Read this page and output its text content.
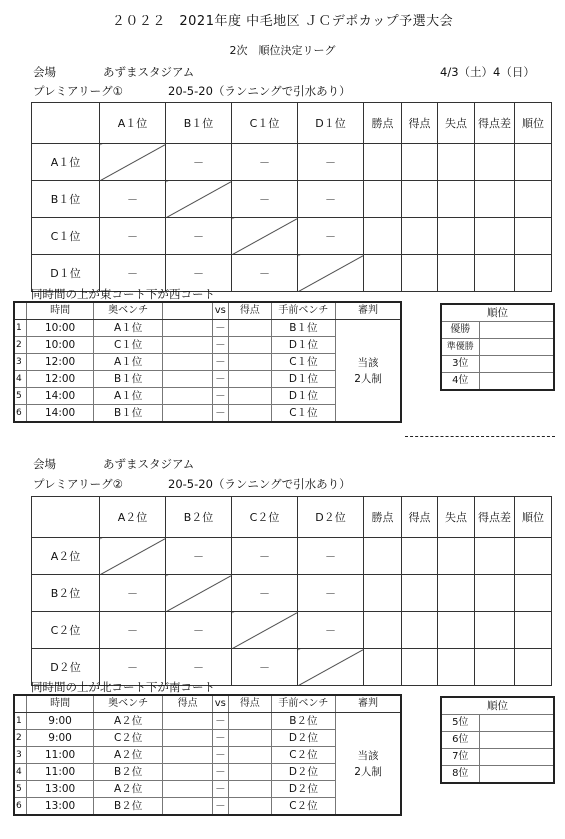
２０２２　2021年度 中毛地区 ＪＣデポカップ予選大会
2次　順位決定リーグ
会場	あずまスタジアム	4/3（土）4（日）
プレミアリーグ①	20-5-20（ランニングで引水あり）
	A１位	B１位	C１位	D１位	勝点	得点	失点	得点差	順位
A１位		－	－	－					
B１位	－		－	－					
C１位	－	－		－					
D１位	－	－	－						
同時間の上が東コート下が西コート
	時間	奥ベンチ		vs	得点	手前ベンチ	審判
1	10:00	A１位		－		B１位	当該
2人制

2	10:00	C１位		－		D１位	
3	12:00	A１位		－		C１位	
4	12:00	B１位		－		D１位	
5	14:00	A１位		－		D１位	
6	14:00	B１位		－		C１位	
順位	
優勝	
準優勝	
3位	
4位	
会場	あずまスタジアム
プレミアリーグ②	20-5-20（ランニングで引水あり）
	A２位	B２位	C２位	D２位	勝点	得点	失点	得点差	順位
A２位		－	－	－					
B２位	－		－	－					
C２位	－	－		－					
D２位	－	－	－						
同時間の上が北コート下が南コート
	時間	奥ベンチ	得点	vs	得点	手前ベンチ	審判
1	9:00	A２位		－		B２位	当該
2人制

2	9:00	C２位		－		D２位	
3	11:00	A２位		－		C２位	
4	11:00	B２位		－		D２位	
5	13:00	A２位		－		D２位	
6	13:00	B２位		－		C２位	
順位	
5位	
6位	
7位	
8位	
